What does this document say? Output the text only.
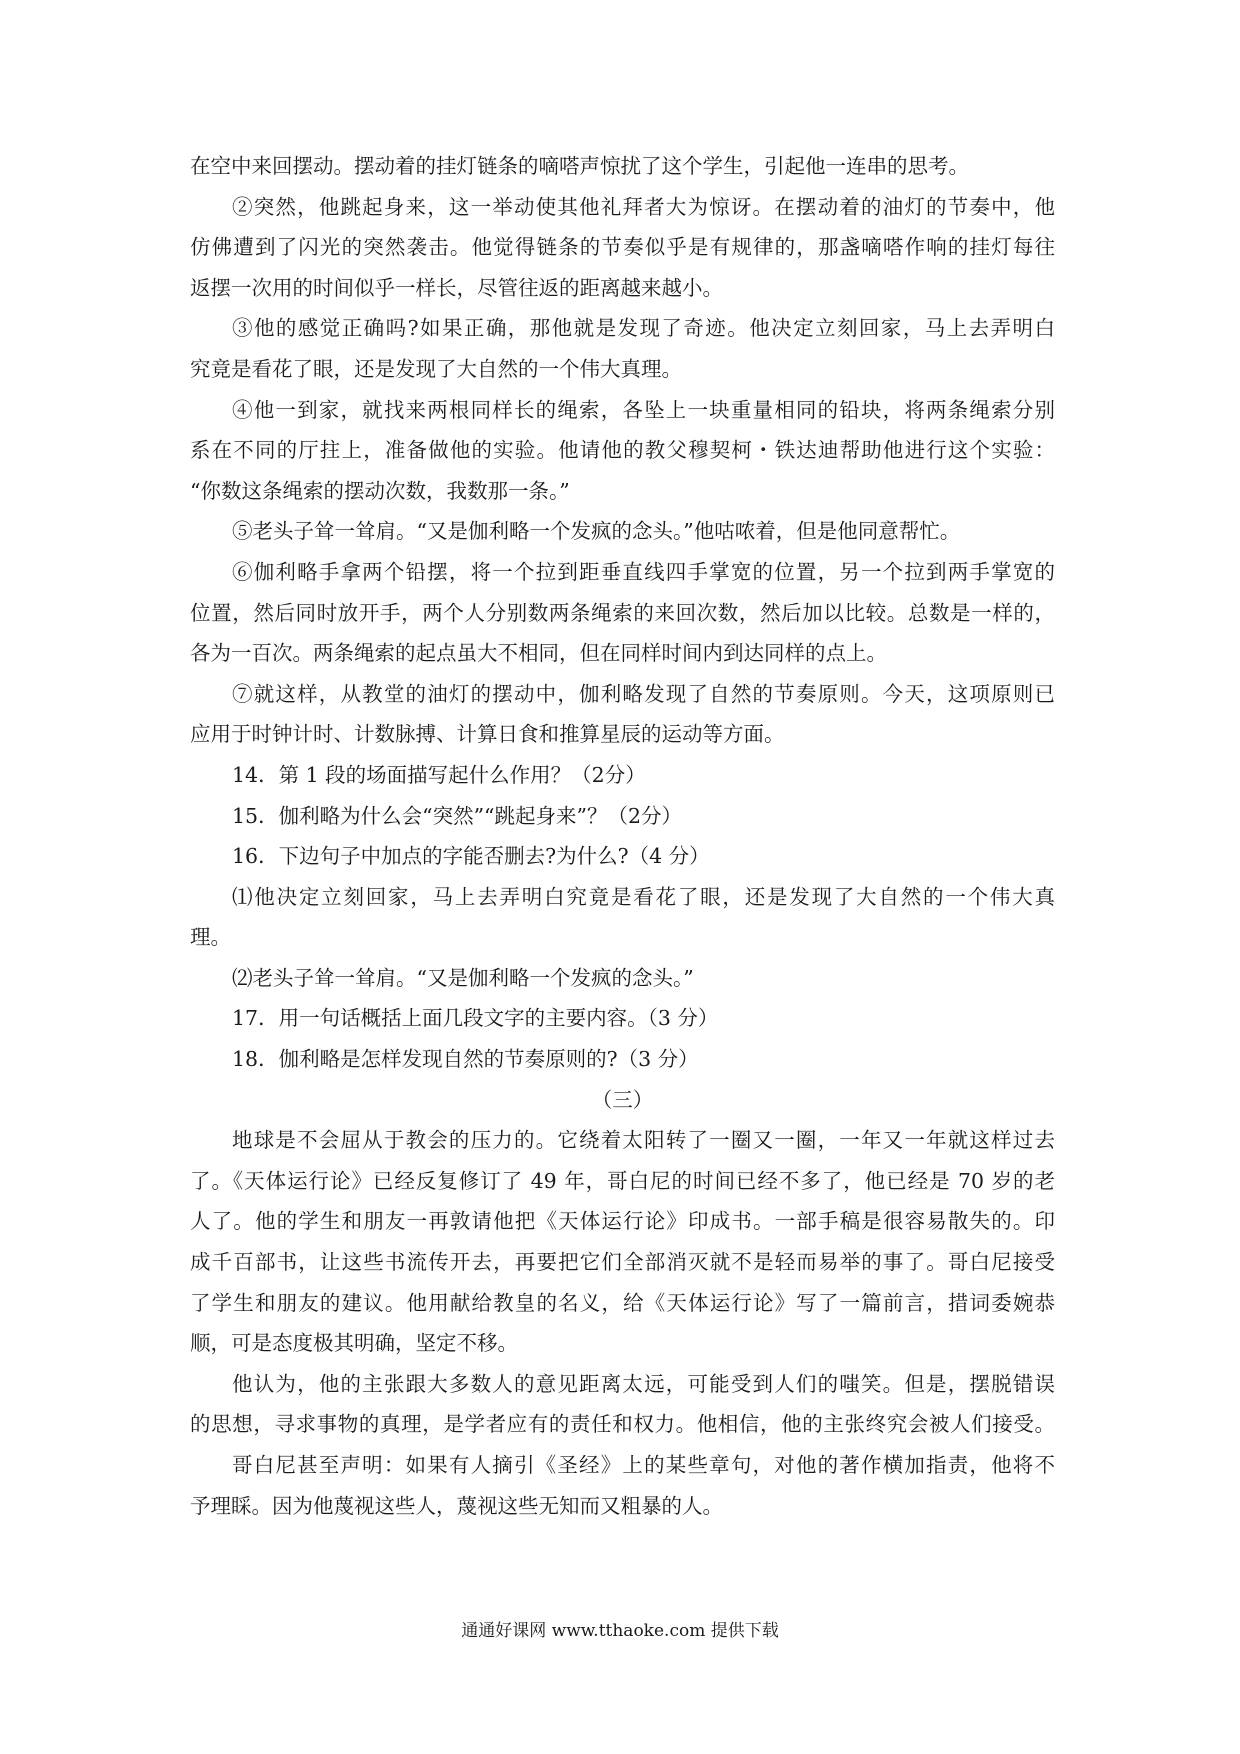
在空中来回摆动。摆动着的挂灯链条的嘀嗒声惊扰了这个学生，引起他一连串的思考。
②突然，他跳起身来，这一举动使其他礼拜者大为惊讶。在摆动着的油灯的节奏中，他
仿佛遭到了闪光的突然袭击。他觉得链条的节奏似乎是有规律的，那盏嘀嗒作响的挂灯每往
返摆一次用的时间似乎一样长，尽管往返的距离越来越小。
③他的感觉正确吗?如果正确，那他就是发现了奇迹。他决定立刻回家，马上去弄明白
究竟是看花了眼，还是发现了大自然的一个伟大真理。
④他一到家，就找来两根同样长的绳索，各坠上一块重量相同的铅块，将两条绳索分别
系在不同的厅拄上，准备做他的实验。他请他的教父穆契柯・铁达迪帮助他进行这个实验：
“你数这条绳索的摆动次数，我数那一条。”
⑤老头子耸一耸肩。“又是伽利略一个发疯的念头。”他咕哝着，但是他同意帮忙。
⑥伽利略手拿两个铅摆，将一个拉到距垂直线四手掌宽的位置，另一个拉到两手掌宽的
位置，然后同时放开手，两个人分别数两条绳索的来回次数，然后加以比较。总数是一样的，
各为一百次。两条绳索的起点虽大不相同，但在同样时间内到达同样的点上。
⑦就这样，从教堂的油灯的摆动中，伽利略发现了自然的节奏原则。今天，这项原则已
应用于时钟计时、计数脉搏、计算日食和推算星辰的运动等方面。
14．第 1 段的场面描写起什么作用？（2分）
15．伽利略为什么会“突然”“跳起身来”？（2分）
16．下边句子中加点的字能否删去?为什么?（4 分）
⑴他决定立刻回家，马上去弄明白究竟是看花了眼，还是发现了大自然的一个伟大真
理。
⑵老头子耸一耸肩。“又是伽利略一个发疯的念头。”
17．用一句话概括上面几段文字的主要内容。（3 分）
18．伽利略是怎样发现自然的节奏原则的?（3 分）
（三）
地球是不会屈从于教会的压力的。它绕着太阳转了一圈又一圈，一年又一年就这样过去
了。《天体运行论》已经反复修订了 49 年，哥白尼的时间已经不多了，他已经是 70 岁的老
人了。他的学生和朋友一再敦请他把《天体运行论》印成书。一部手稿是很容易散失的。印
成千百部书，让这些书流传开去，再要把它们全部消灭就不是轻而易举的事了。哥白尼接受
了学生和朋友的建议。他用献给教皇的名义，给《天体运行论》写了一篇前言，措词委婉恭
顺，可是态度极其明确，坚定不移。
他认为，他的主张跟大多数人的意见距离太远，可能受到人们的嗤笑。但是，摆脱错误
的思想，寻求事物的真理，是学者应有的责任和权力。他相信，他的主张终究会被人们接受。
哥白尼甚至声明：如果有人摘引《圣经》上的某些章句，对他的著作横加指责，他将不
予理睬。因为他蔑视这些人，蔑视这些无知而又粗暴的人。
通通好课网 www.tthaoke.com 提供下载
